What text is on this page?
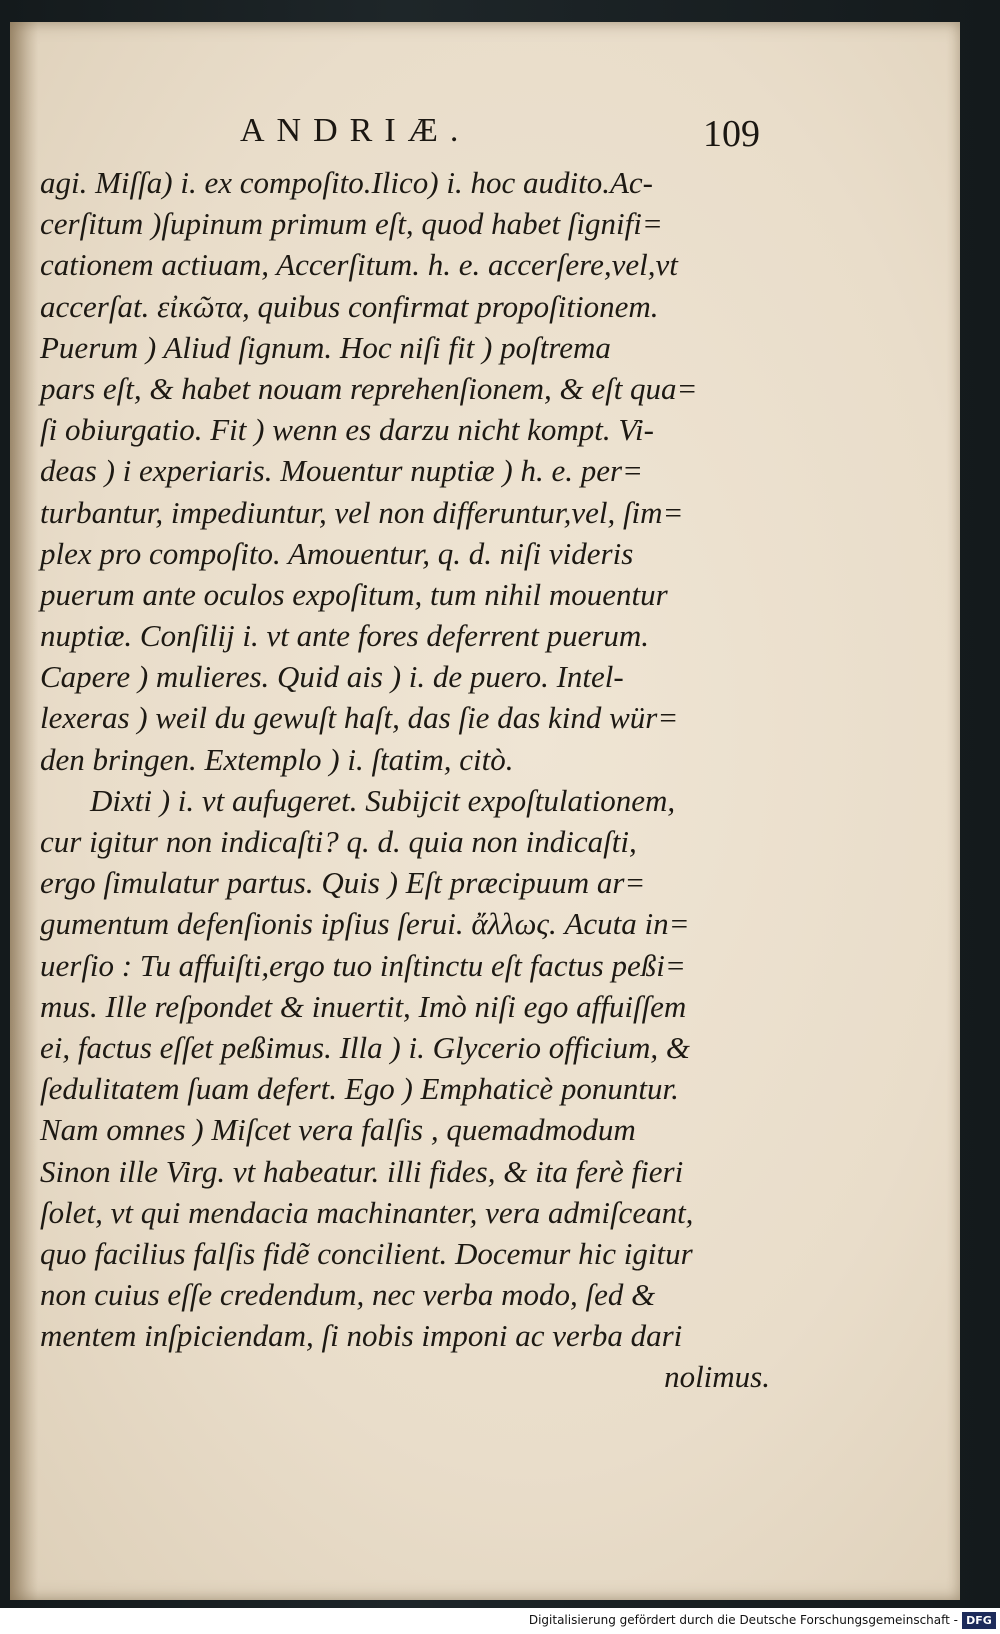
ANDRIÆ.	109
agi. Miſſa) i. ex compoſito.Ilico) i. hoc audito.Ac-
cerſitum )ſupinum primum eſt, quod habet ſignifi=
cationem actiuam, Accerſitum. h. e. accerſere,vel,vt
accerſat. εἰκῶτα, quibus confirmat propoſitionem.
Puerum ) Aliud ſignum. Hoc niſi fit ) poſtrema
pars eſt, & habet nouam reprehenſionem, & eſt qua=
ſi obiurgatio. Fit ) wenn es darzu nicht kompt. Vi-
deas ) i experiaris. Mouentur nuptiæ ) h. e. per=
turbantur, impediuntur, vel non differuntur,vel, ſim=
plex pro compoſito. Amouentur, q. d. niſi videris
puerum ante oculos expoſitum, tum nihil mouentur
nuptiæ. Conſilij i. vt ante fores deferrent puerum.
Capere ) mulieres. Quid ais ) i. de puero. Intel-
lexeras ) weil du gewuſt haſt, das ſie das kind wür=
den bringen. Extemplo ) i. ſtatim, citò.
Dixti ) i. vt aufugeret. Subijcit expoſtulationem,
cur igitur non indicaſti? q. d. quia non indicaſti,
ergo ſimulatur partus. Quis ) Eſt præcipuum ar=
gumentum defenſionis ipſius ſerui. ἄλλως. Acuta in=
uerſio : Tu affuiſti,ergo tuo inſtinctu eſt factus peßi=
mus. Ille reſpondet & inuertit, Imò niſi ego affuiſſem
ei, factus eſſet peßimus. Illa ) i. Glycerio officium, &
ſedulitatem ſuam defert. Ego ) Emphaticè ponuntur.
Nam omnes ) Miſcet vera falſis , quemadmodum
Sinon ille Virg. vt habeatur. illi fides, & ita ferè fieri
ſolet, vt qui mendacia machinanter, vera admiſceant,
quo facilius falſis fidẽ concilient. Docemur hic igitur
non cuius eſſe credendum, nec verba modo, ſed &
mentem inſpiciendam, ſi nobis imponi ac verba dari
nolimus.
Digitalisierung gefördert durch die Deutsche Forschungsgemeinschaft - DFG
